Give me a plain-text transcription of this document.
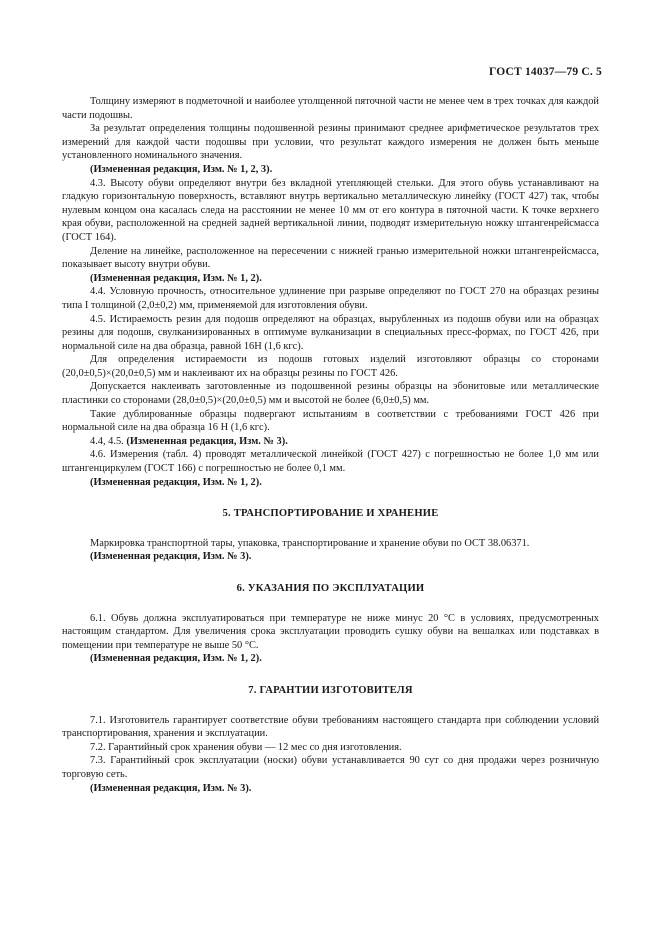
ГОСТ 14037—79 С. 5

Толщину измеряют в подметочной и наиболее утолщенной пяточной части не менее чем в трех точках для каждой части подошвы.

За результат определения толщины подошвенной резины принимают среднее арифметическое результатов трех измерений для каждой части подошвы при условии, что результат каждого измерения не должен быть меньше установленного номинального значения.

(Измененная редакция, Изм. № 1, 2, 3).

4.3. Высоту обуви определяют внутри без вкладной утепляющей стельки. Для этого обувь устанавливают на гладкую горизонтальную поверхность, вставляют внутрь вертикально металлическую линейку (ГОСТ 427) так, чтобы нулевым концом она касалась следа на расстоянии не менее 10 мм от его контура в пяточной части. К точке верхнего края обуви, расположенной на средней задней вертикальной линии, подводят измерительную ножку штангенрейсмасса (ГОСТ 164).

Деление на линейке, расположенное на пересечении с нижней гранью измерительной ножки штангенрейсмасса, показывает высоту внутри обуви.

(Измененная редакция, Изм. № 1, 2).

4.4. Условную прочность, относительное удлинение при разрыве определяют по ГОСТ 270 на образцах резины типа I толщиной (2,0±0,2) мм, применяемой для изготовления обуви.

4.5. Истираемость резин для подошв определяют на образцах, вырубленных из подошв обуви или на образцах резины для подошв, свулканизированных в оптимуме вулканизации в специальных пресс-формах, по ГОСТ 426, при нормальной силе на два образца, равной 16Н (1,6 кгс).

Для определения истираемости из подошв готовых изделий изготовляют образцы со сторонами (20,0±0,5)×(20,0±0,5) мм и наклеивают их на образцы резины по ГОСТ 426.

Допускается наклеивать заготовленные из подошвенной резины образцы на эбонитовые или металлические пластинки со сторонами (28,0±0,5)×(20,0±0,5) мм и высотой не более (6,0±0,5) мм.

Такие дублированные образцы подвергают испытаниям в соответствии с требованиями ГОСТ 426 при нормальной силе на два образца 16 Н (1,6 кгс).

4.4, 4.5. (Измененная редакция, Изм. № 3).

4.6. Измерения (табл. 4) проводят металлической линейкой (ГОСТ 427) с погрешностью не более 1,0 мм или штангенциркулем (ГОСТ 166) с погрешностью не более 0,1 мм.

(Измененная редакция, Изм. № 1, 2).

5. ТРАНСПОРТИРОВАНИЕ И ХРАНЕНИЕ

Маркировка транспортной тары, упаковка, транспортирование и хранение обуви по ОСТ 38.06371.

(Измененная редакция, Изм. № 3).

6. УКАЗАНИЯ ПО ЭКСПЛУАТАЦИИ

6.1. Обувь должна эксплуатироваться при температуре не ниже минус 20 °С в условиях, предусмотренных настоящим стандартом. Для увеличения срока эксплуатации проводить сушку обуви на вешалках или подставках в помещении при температуре не выше 50 °С.

(Измененная редакция, Изм. № 1, 2).

7. ГАРАНТИИ ИЗГОТОВИТЕЛЯ

7.1. Изготовитель гарантирует соответствие обуви требованиям настоящего стандарта при соблюдении условий транспортирования, хранения и эксплуатации.

7.2. Гарантийный срок хранения обуви — 12 мес со дня изготовления.

7.3. Гарантийный срок эксплуатации (носки) обуви устанавливается 90 сут со дня продажи через розничную торговую сеть.

(Измененная редакция, Изм. № 3).
